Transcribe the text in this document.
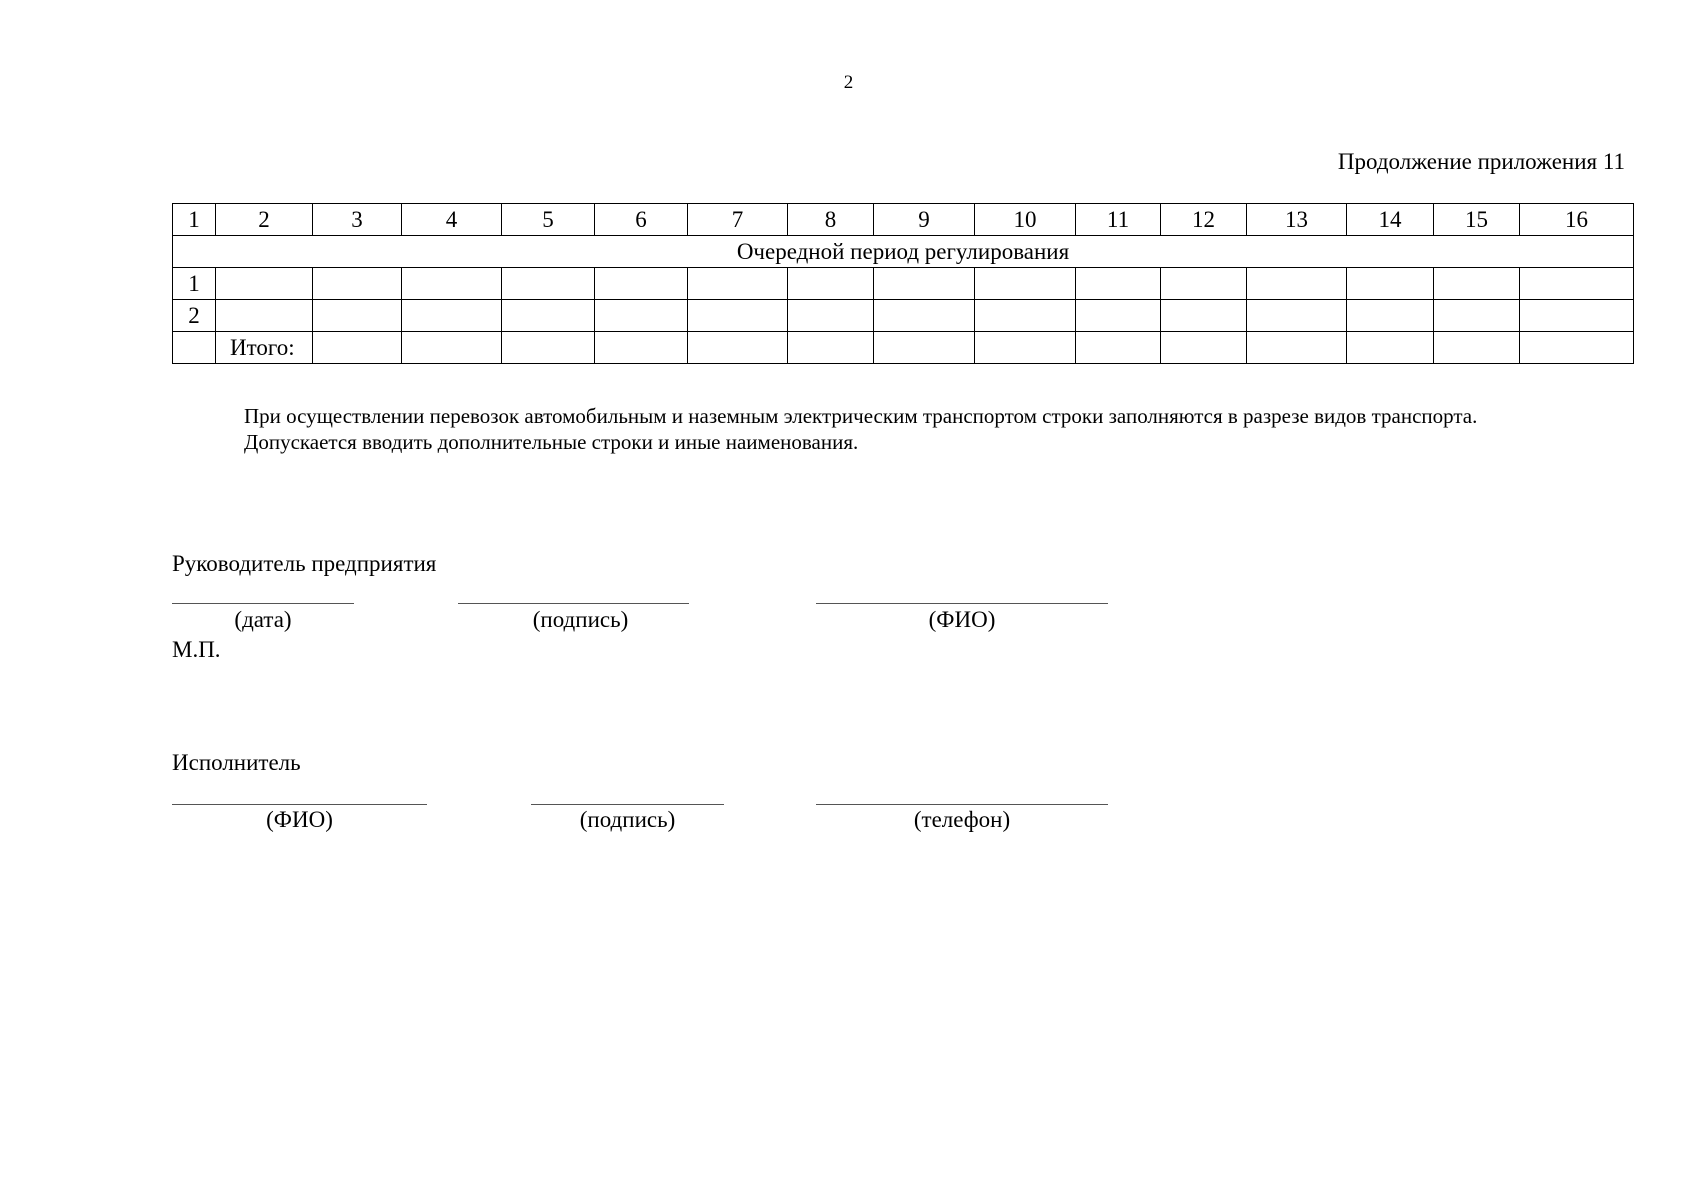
2
Продолжение приложения 11
1	2	3	4	5	6	7	8	9	10	11	12	13	14	15	16
Очередной период регулирования															
1															
2															
	Итого:														

При осуществлении перевозок автомобильным и наземным электрическим транспортом строки заполняются в разрезе видов транспорта.

Допускается вводить дополнительные строки и иные наименования.

Руководитель предприятия
(дата)	(подпись)	(ФИО)
М.П.
Исполнитель
(ФИО)	(подпись)	(телефон)
